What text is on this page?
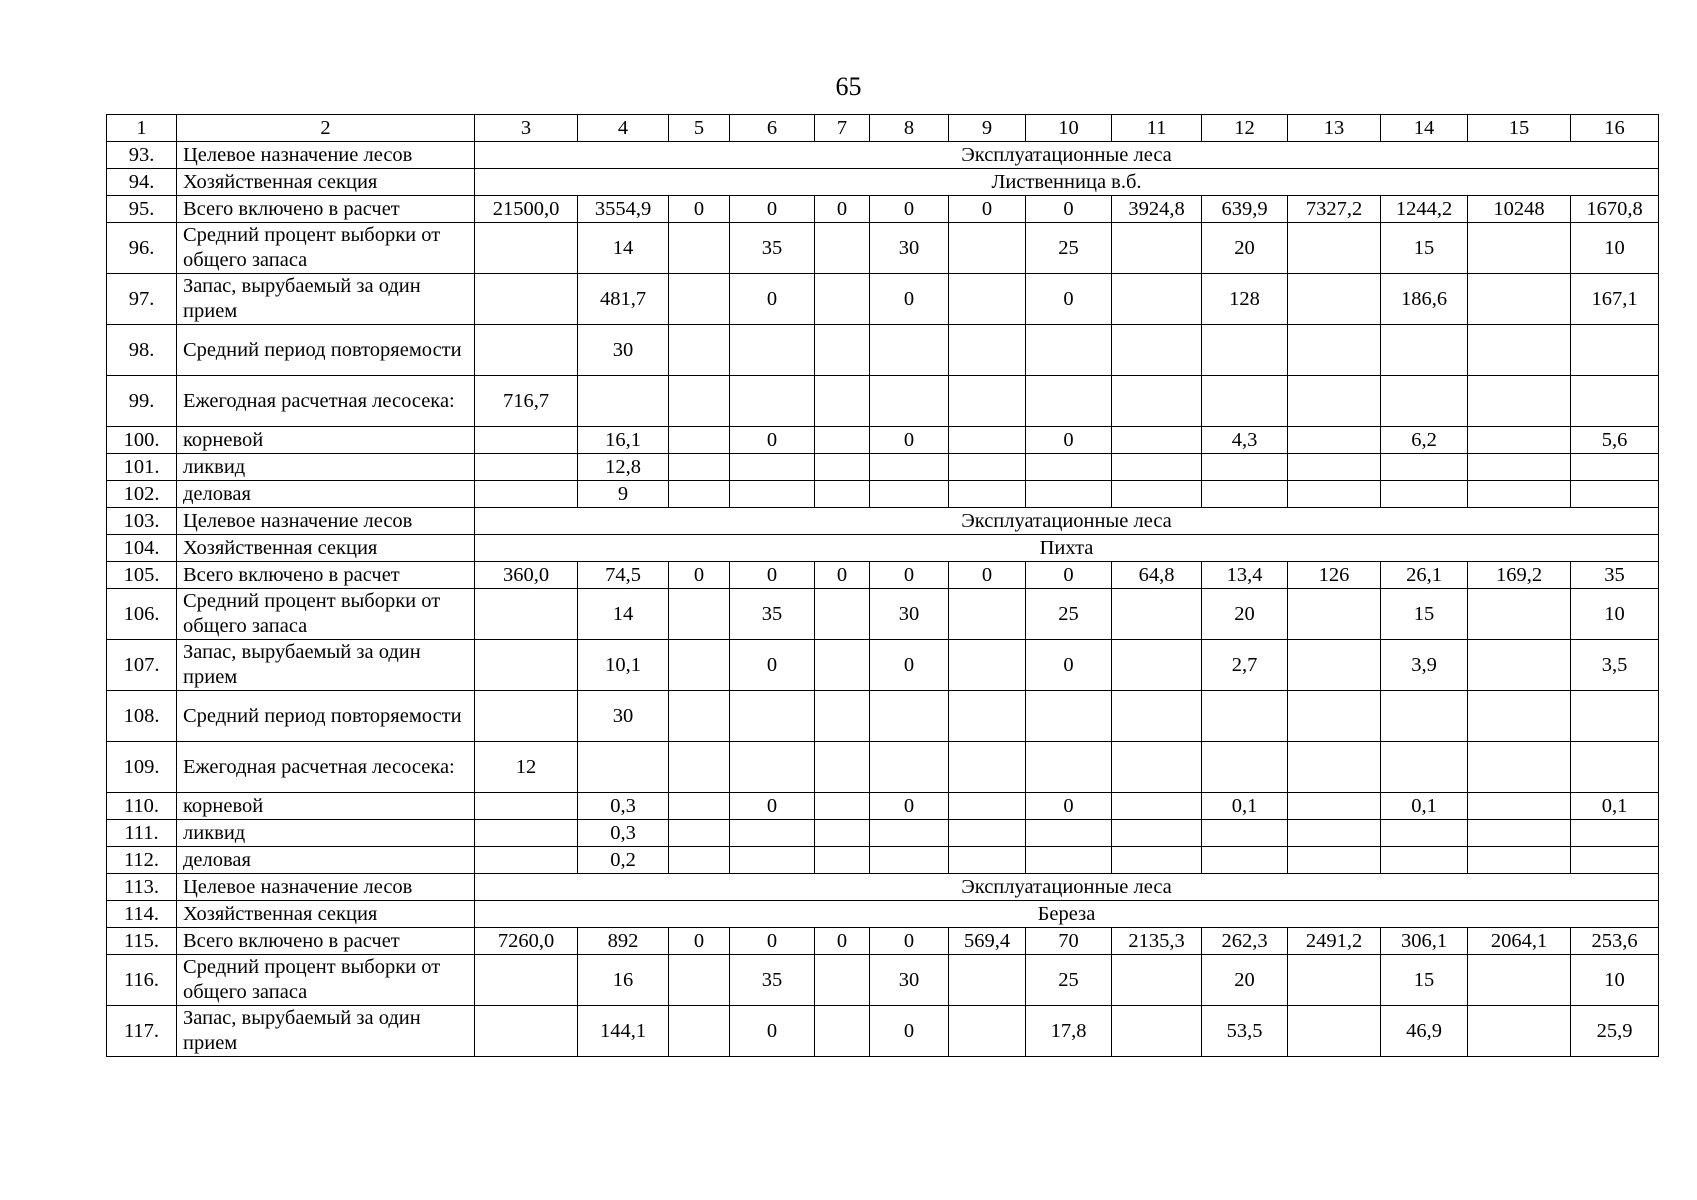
65
1	2	3	4	5	6	7	8	9	10	11	12	13	14	15	16
93.	Целевое назначение лесов	Эксплуатационные леса													
94.	Хозяйственная секция	Лиственница в.б.													
95.	Всего включено в расчет	21500,0	3554,9	0	0	0	0	0	0	3924,8	639,9	7327,2	1244,2	10248	1670,8
96.	Средний процент выборки от общего запаса		14		35		30		25		20		15		10
97.	Запас, вырубаемый за один прием		481,7		0		0		0		128		186,6		167,1
98.	Средний период повторяемости		30												
99.	Ежегодная расчетная лесосека:	716,7													
100.	корневой		16,1		0		0		0		4,3		6,2		5,6
101.	ликвид		12,8												
102.	деловая		9												
103.	Целевое назначение лесов	Эксплуатационные леса													
104.	Хозяйственная секция	Пихта													
105.	Всего включено в расчет	360,0	74,5	0	0	0	0	0	0	64,8	13,4	126	26,1	169,2	35
106.	Средний процент выборки от общего запаса		14		35		30		25		20		15		10
107.	Запас, вырубаемый за один прием		10,1		0		0		0		2,7		3,9		3,5
108.	Средний период повторяемости		30												
109.	Ежегодная расчетная лесосека:	12													
110.	корневой		0,3		0		0		0		0,1		0,1		0,1
111.	ликвид		0,3												
112.	деловая		0,2												
113.	Целевое назначение лесов	Эксплуатационные леса													
114.	Хозяйственная секция	Береза													
115.	Всего включено в расчет	7260,0	892	0	0	0	0	569,4	70	2135,3	262,3	2491,2	306,1	2064,1	253,6
116.	Средний процент выборки от общего запаса		16		35		30		25		20		15		10
117.	Запас, вырубаемый за один прием		144,1		0		0		17,8		53,5		46,9		25,9
